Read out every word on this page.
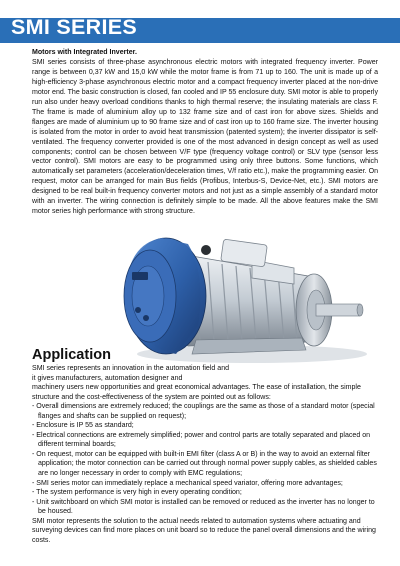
SMI SERIES
Motors with Integrated Inverter.

SMI series consists of three-phase asynchronous electric motors with integrated frequency inverter. Power range is between 0,37 kW and 15,0 kW while the motor frame is from 71 up to 160. The unit is made up of a high-efficiency 3-phase asynchronous electric motor and a compact frequency inverter placed at the non-drive motor end. The basic construction is closed, fan cooled and IP 55 enclosure duty. SMI motor is able to properly run also under heavy overload conditions thanks to high thermal reserve; the insulating materials are class F. The frame is made of aluminium alloy up to 132 frame size and of cast iron for above sizes. Shields and flanges are made of aluminium up to 90 frame size and of cast iron up to 160 frame size. The inverter housing is isolated from the motor in order to avoid heat transmission (patented system); the inverter dissipator is self-ventilated. The frequency converter provided is one of the most advanced in design concept as well as used components; control can be chosen between V/F type (frequency voltage control) or SLV type (sensor less vector control). SMI motors are easy to be programmed using only three buttons. Some functions, which automatically set parameters (acceleration/deceleration times, V/f ratio etc.), make the programming easier. On request, motor can be arranged for main Bus fields (Profibus, Interbus-S, Device-Net, etc.). SMI motors are designed to be real built-in frequency converter motors and not just as a simple assembly of a standard motor with an inverter. The wiring connection is definitely simple to be made. All the above features make the SMI motor series high performance with strong structure.

Application

SMI series represents an innovation in the automation field and it gives manufacturers, automation designer and

machinery users new opportunities and great economical advantages. The ease of installation, the simple structure and the cost-effectiveness of the system are pointed out as follows:

- Overall dimensions are extremely reduced; the couplings are the same as those of a standard motor (special flanges and shafts can be supplied on request);
- Enclosure is IP 55 as standard;
- Electrical connections are extremely simplified; power and control parts are totally separated and placed on different terminal boards;
- On request, motor can be equipped with built-in EMI filter (class A or B) in the way to avoid an external filter application; the motor connection can be carried out through normal power supply cables, as shielded cables are no longer necessary in order to comply with EMC regulations;
- SMI series motor can immediately replace a mechanical speed variator, offering more advantages;
- The system performance is very high in every operating condition;
- Unit switchboard on which SMI motor is installed can be removed or reduced as the inverter has no longer to be housed.

SMI motor represents the solution to the actual needs related to automation systems where actuating and surveying devices can find more places on unit board so to reduce the panel overall dimensions and the wiring costs.
